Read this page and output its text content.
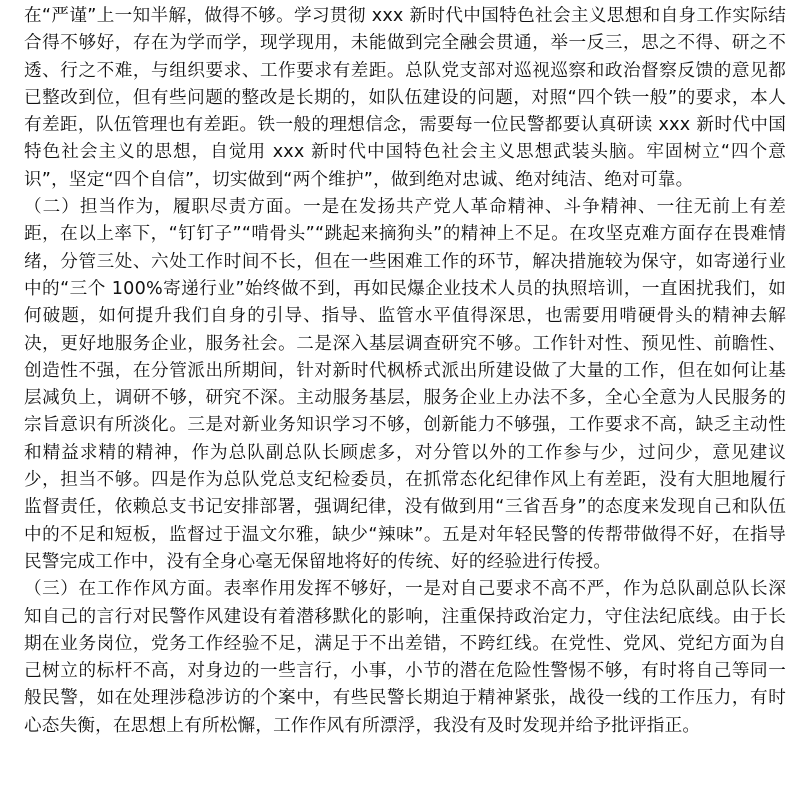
在“严谨”上一知半解，做得不够。学习贯彻 xxx 新时代中国特色社会主义思想和自身工作实际结合得不够好，存在为学而学，现学现用，未能做到完全融会贯通，举一反三，思之不得、研之不透、行之不难，与组织要求、工作要求有差距。总队党支部对巡视巡察和政治督察反馈的意见都已整改到位，但有些问题的整改是长期的，如队伍建设的问题，对照“四个铁一般”的要求，本人有差距，队伍管理也有差距。铁一般的理想信念，需要每一位民警都要认真研读 xxx 新时代中国特色社会主义的思想，自觉用 xxx 新时代中国特色社会主义思想武装头脑。牢固树立“四个意识”，坚定“四个自信”，切实做到“两个维护”，做到绝对忠诚、绝对纯洁、绝对可靠。

（二）担当作为，履职尽责方面。一是在发扬共产党人革命精神、斗争精神、一往无前上有差距，在以上率下，“钉钉子”“啃骨头”“跳起来摘狗头”的精神上不足。在攻坚克难方面存在畏难情绪，分管三处、六处工作时间不长，但在一些困难工作的环节，解决措施较为保守，如寄递行业中的“三个 100%寄递行业”始终做不到，再如民爆企业技术人员的执照培训，一直困扰我们，如何破题，如何提升我们自身的引导、指导、监管水平值得深思，也需要用啃硬骨头的精神去解决，更好地服务企业，服务社会。二是深入基层调查研究不够。工作针对性、预见性、前瞻性、创造性不强，在分管派出所期间，针对新时代枫桥式派出所建设做了大量的工作，但在如何让基层减负上，调研不够，研究不深。主动服务基层，服务企业上办法不多，全心全意为人民服务的宗旨意识有所淡化。三是对新业务知识学习不够，创新能力不够强，工作要求不高，缺乏主动性和精益求精的精神，作为总队副总队长顾虑多，对分管以外的工作参与少，过问少，意见建议少，担当不够。四是作为总队党总支纪检委员，在抓常态化纪律作风上有差距，没有大胆地履行监督责任，依赖总支书记安排部署，强调纪律，没有做到用“三省吾身”的态度来发现自己和队伍中的不足和短板，监督过于温文尔雅，缺少“辣味”。五是对年轻民警的传帮带做得不好，在指导民警完成工作中，没有全身心毫无保留地将好的传统、好的经验进行传授。

（三）在工作作风方面。表率作用发挥不够好，一是对自己要求不高不严，作为总队副总队长深知自己的言行对民警作风建设有着潜移默化的影响，注重保持政治定力，守住法纪底线。由于长期在业务岗位，党务工作经验不足，满足于不出差错，不跨红线。在党性、党风、党纪方面为自己树立的标杆不高，对身边的一些言行，小事，小节的潜在危险性警惕不够，有时将自己等同一般民警，如在处理涉稳涉访的个案中，有些民警长期迫于精神紧张，战役一线的工作压力，有时心态失衡，在思想上有所松懈，工作作风有所漂浮，我没有及时发现并给予批评指正。
